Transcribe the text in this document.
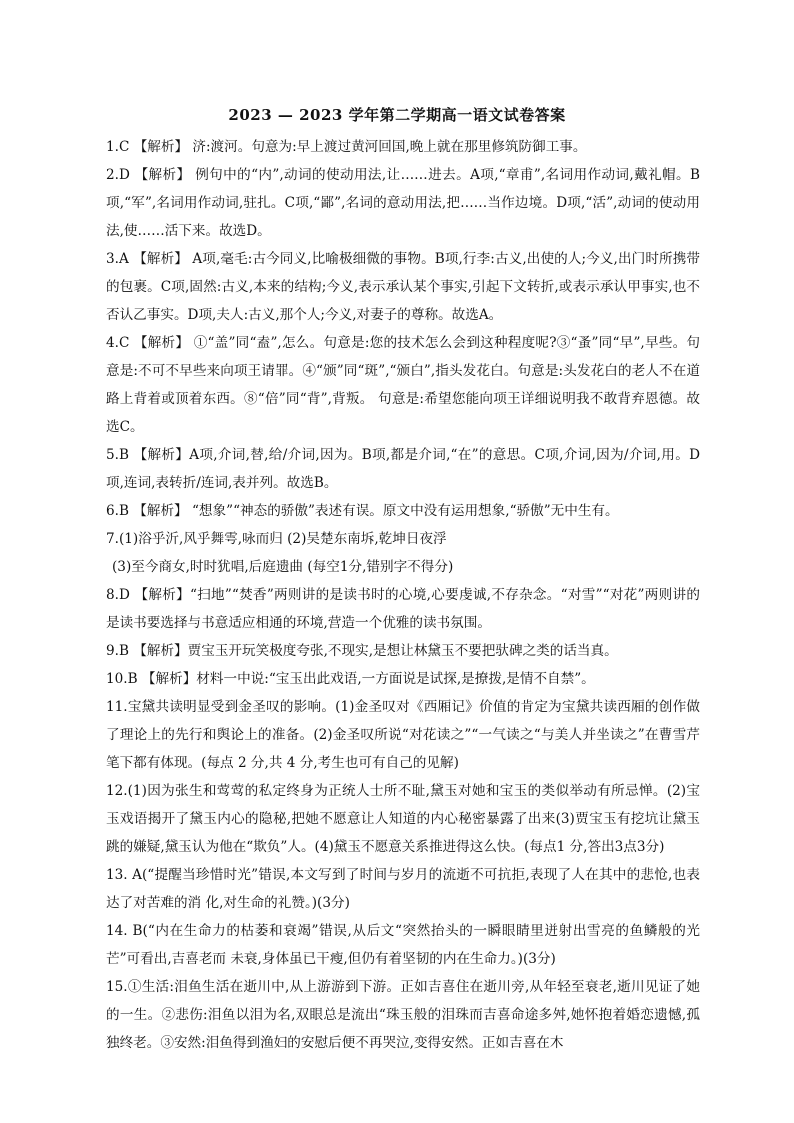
2023 — 2023 学年第二学期高一语文试卷答案

1.C 【解析】 济:渡河。句意为:早上渡过黄河回国,晚上就在那里修筑防御工事。

2.D 【解析】 例句中的“内”,动词的使动用法,让……进去。A项,“章甫”,名词用作动词,戴礼帽。B项,“军”,名词用作动词,驻扎。C项,“鄙”,名词的意动用法,把……当作边境。D项,“活”,动词的使动用法,使……活下来。故选D。

3.A 【解析】 A项,毫毛:古今同义,比喻极细微的事物。B项,行李:古义,出使的人;今义,出门时所携带的包裹。C项,固然:古义,本来的结构;今义,表示承认某个事实,引起下文转折,或表示承认甲事实,也不否认乙事实。D项,夫人:古义,那个人;今义,对妻子的尊称。故选A。

4.C 【解析】 ①“盖”同“盍”,怎么。句意是:您的技术怎么会到这种程度呢?③“蚤”同“早”,早些。句意是:不可不早些来向项王请罪。④“颁”同“斑”,“颁白”,指头发花白。句意是:头发花白的老人不在道路上背着或顶着东西。⑧“倍”同“背”,背叛。 句意是:希望您能向项王详细说明我不敢背弃恩德。故选C。

5.B 【解析】A项,介词,替,给/介词,因为。B项,都是介词,“在”的意思。C项,介词,因为/介词,用。D项,连词,表转折/连词,表并列。故选B。

6.B 【解析】 “想象”“神态的骄傲”表述有误。原文中没有运用想象,“骄傲”无中生有。

7.(1)浴乎沂,风乎舞雩,咏而归 (2)吴楚东南坼,乾坤日夜浮

(3)至今商女,时时犹唱,后庭遗曲 (每空1分,错别字不得分)

8.D 【解析】“扫地”“焚香”两则讲的是读书时的心境,心要虔诚,不存杂念。“对雪”“对花”两则讲的是读书要选择与书意适应相通的环境,营造一个优雅的读书氛围。

9.B 【解析】贾宝玉开玩笑极度夸张,不现实,是想让林黛玉不要把驮碑之类的话当真。

10.B 【解析】材料一中说:“宝玉出此戏语,一方面说是试探,是撩拨,是情不自禁”。

11.宝黛共读明显受到金圣叹的影响。(1)金圣叹对《西厢记》价值的肯定为宝黛共读西厢的创作做了理论上的先行和舆论上的准备。(2)金圣叹所说“对花读之”“一气读之“与美人并坐读之”在曹雪芹笔下都有体现。(每点 2 分,共 4 分,考生也可有自己的见解)

12.(1)因为张生和莺莺的私定终身为正统人士所不耻,黛玉对她和宝玉的类似举动有所忌惮。(2)宝玉戏语揭开了黛玉内心的隐秘,把她不愿意让人知道的内心秘密暴露了出来(3)贾宝玉有挖坑让黛玉跳的嫌疑,黛玉认为他在“欺负”人。(4)黛玉不愿意关系推进得这么快。(每点1 分,答出3点3分)

13. A(“提醒当珍惜时光”错误,本文写到了时间与岁月的流逝不可抗拒,表现了人在其中的悲怆,也表达了对苦难的消 化,对生命的礼赞。)(3分)

14. B(“内在生命力的枯萎和衰竭”错误,从后文“突然抬头的一瞬眼睛里迸射出雪亮的鱼鳞般的光 芒”可看出,吉喜老而 未衰,身体虽已干瘦,但仍有着坚韧的内在生命力。)(3分)

15.①生活:泪鱼生活在逝川中,从上游游到下游。正如吉喜住在逝川旁,从年轻至衰老,逝川见证了她的一生。②悲伤:泪鱼以泪为名,双眼总是流出“珠玉般的泪珠而吉喜命途多舛,她怀抱着婚恋遗憾,孤独终老。③安然:泪鱼得到渔妇的安慰后便不再哭泣,变得安然。正如吉喜在木
